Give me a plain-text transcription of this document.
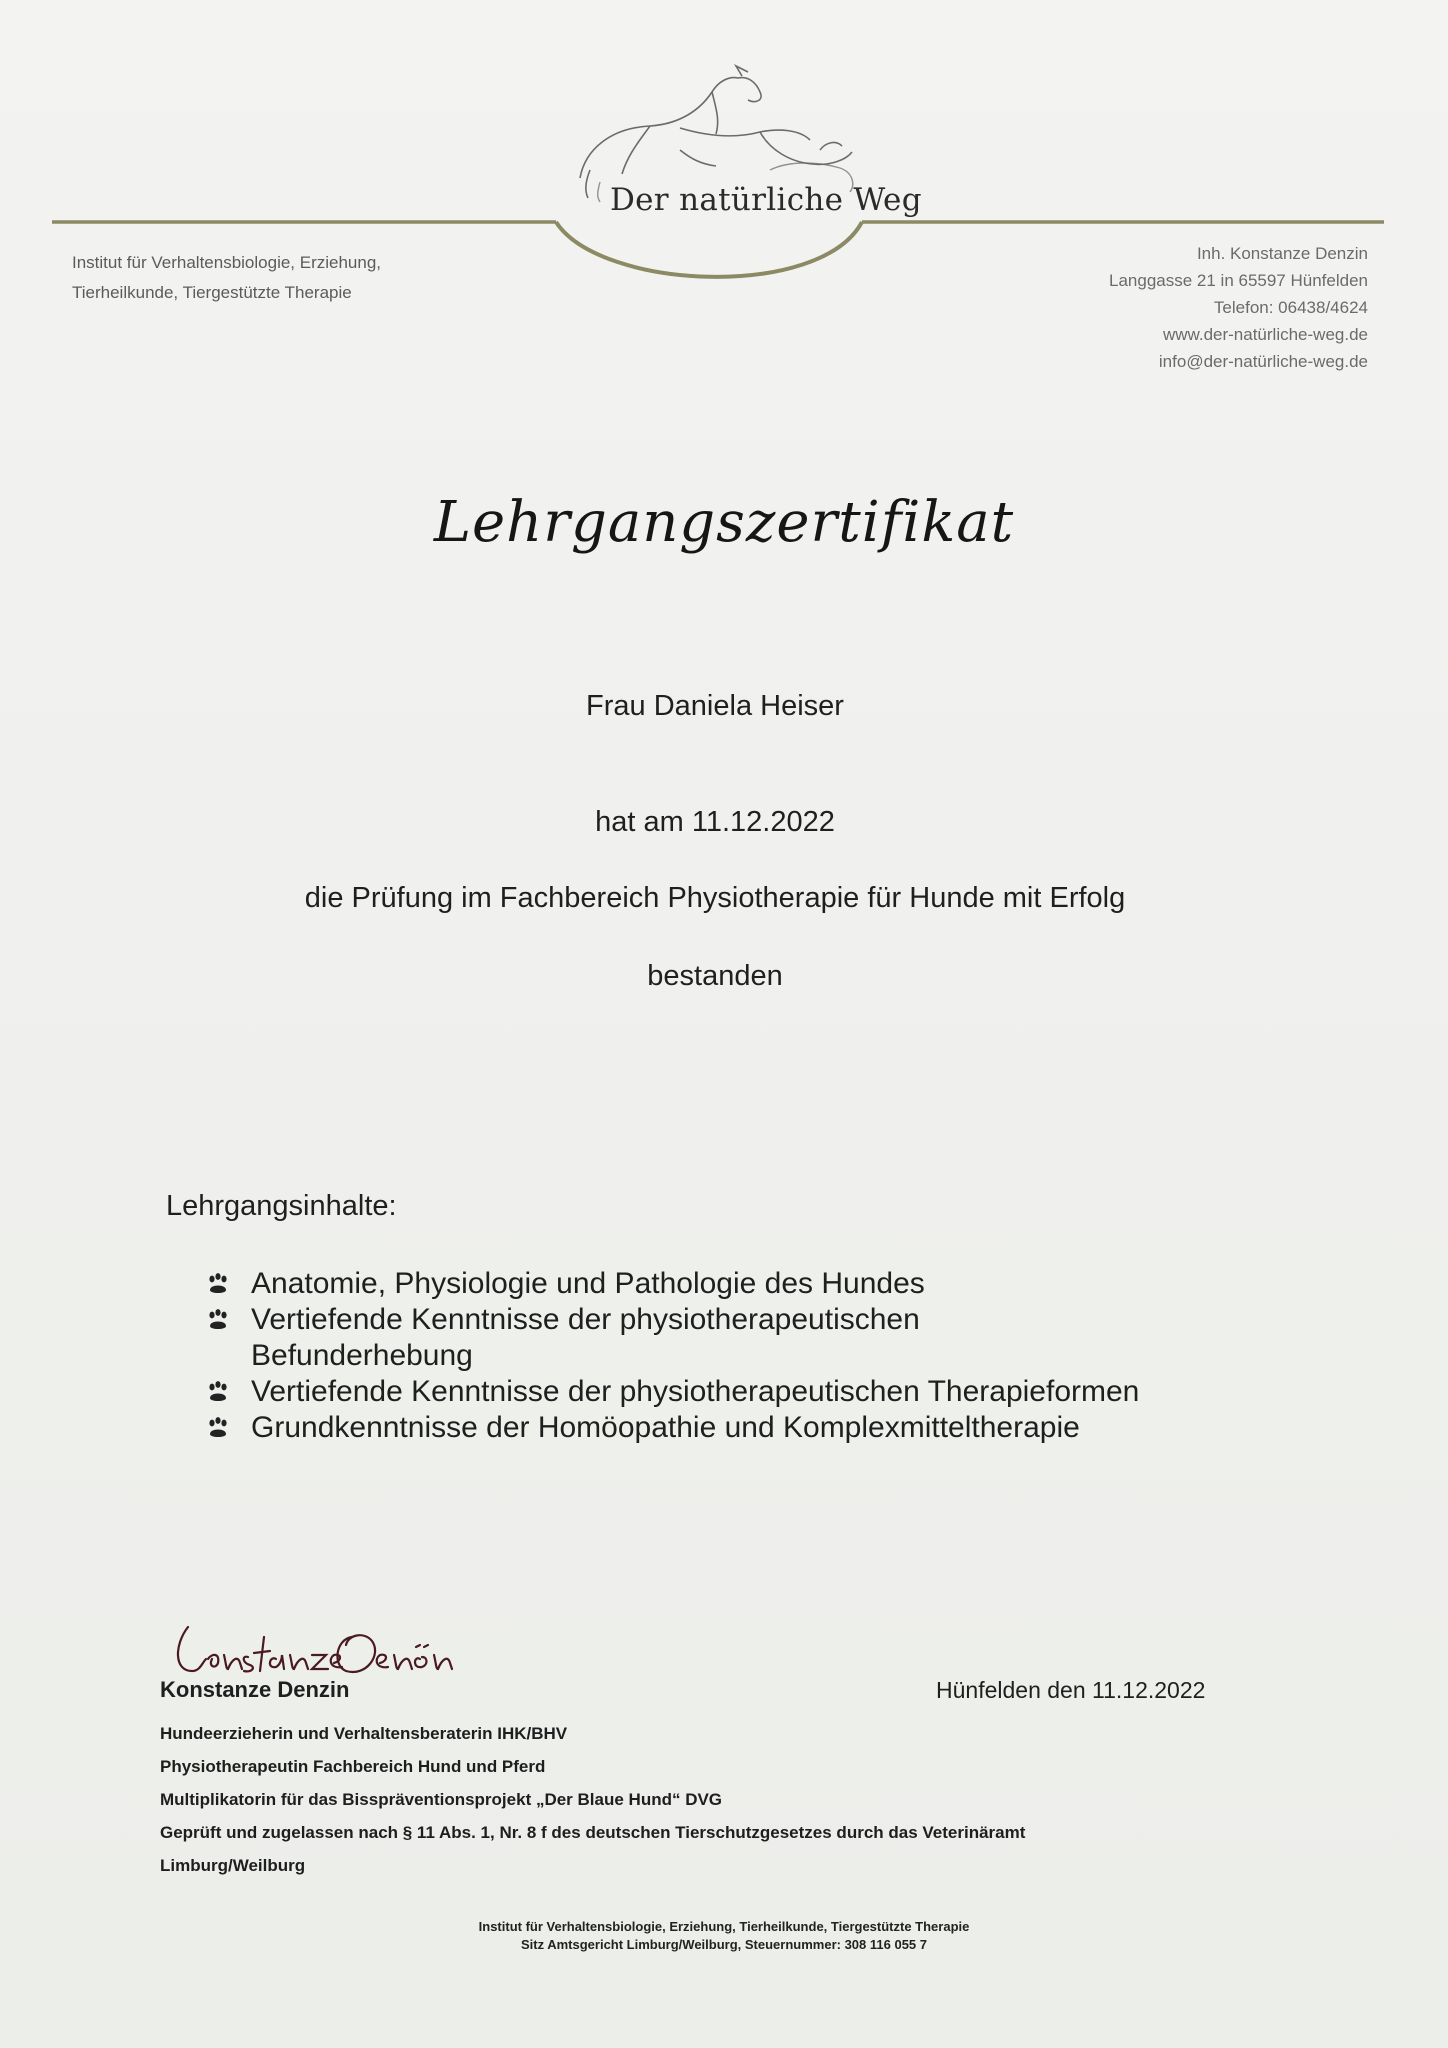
Der natürliche Weg
Institut für Verhaltensbiologie, Erziehung,
Tierheilkunde, Tiergestützte Therapie
Inh. Konstanze Denzin
Langgasse 21 in 65597 Hünfelden
Telefon: 06438/4624
www.der-natürliche-weg.de
info@der-natürliche-weg.de
Lehrgangszertifikat
Frau Daniela Heiser
hat am 11.12.2022
die Prüfung im Fachbereich Physiotherapie für Hunde mit Erfolg
bestanden
Lehrgangsinhalte:
Anatomie, Physiologie und Pathologie des Hundes
Vertiefende Kenntnisse der physiotherapeutischen Befunderhebung
Vertiefende Kenntnisse der physiotherapeutischen Therapieformen
Grundkenntnisse der Homöopathie und Komplexmitteltherapie
Konstanze Denzin	Hünfelden den 11.12.2022
Hundeerzieherin und Verhaltensberaterin IHK/BHV
Physiotherapeutin Fachbereich Hund und Pferd
Multiplikatorin für das Bisspräventionsprojekt „Der Blaue Hund“ DVG
Geprüft und zugelassen nach § 11 Abs. 1, Nr. 8 f des deutschen Tierschutzgesetzes durch das Veterinäramt
Limburg/Weilburg
Institut für Verhaltensbiologie, Erziehung, Tierheilkunde, Tiergestützte Therapie
Sitz Amtsgericht Limburg/Weilburg, Steuernummer: 308 116 055 7
